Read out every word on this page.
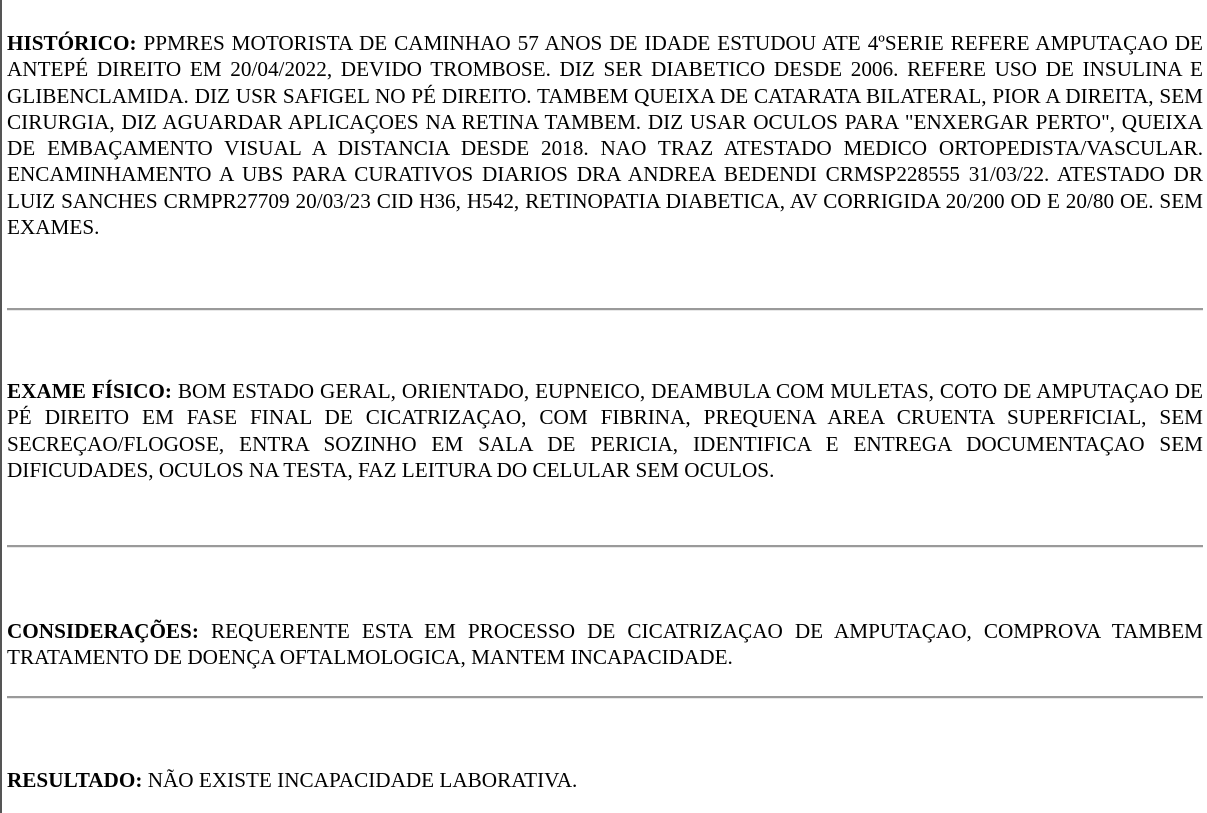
HISTÓRICO: PPMRES MOTORISTA DE CAMINHAO 57 ANOS DE IDADE ESTUDOU ATE 4ºSERIE REFERE AMPUTAÇAO DE ANTEPÉ DIREITO EM 20/04/2022, DEVIDO TROMBOSE. DIZ SER DIABETICO DESDE 2006. REFERE USO DE INSULINA E GLIBENCLAMIDA. DIZ USR SAFIGEL NO PÉ DIREITO. TAMBEM QUEIXA DE CATARATA BILATERAL, PIOR A DIREITA, SEM CIRURGIA, DIZ AGUARDAR APLICAÇOES NA RETINA TAMBEM. DIZ USAR OCULOS PARA "ENXERGAR PERTO", QUEIXA DE EMBAÇAMENTO VISUAL A DISTANCIA DESDE 2018. NAO TRAZ ATESTADO MEDICO ORTOPEDISTA/VASCULAR. ENCAMINHAMENTO A UBS PARA CURATIVOS DIARIOS DRA ANDREA BEDENDI CRMSP228555 31/03/22. ATESTADO DR LUIZ SANCHES CRMPR27709 20/03/23 CID H36, H542, RETINOPATIA DIABETICA, AV CORRIGIDA 20/200 OD E 20/80 OE. SEM EXAMES.

EXAME FÍSICO: BOM ESTADO GERAL, ORIENTADO, EUPNEICO, DEAMBULA COM MULETAS, COTO DE AMPUTAÇAO DE PÉ DIREITO EM FASE FINAL DE CICATRIZAÇAO, COM FIBRINA, PREQUENA AREA CRUENTA SUPERFICIAL, SEM SECREÇAO/FLOGOSE, ENTRA SOZINHO EM SALA DE PERICIA, IDENTIFICA E ENTREGA DOCUMENTAÇAO SEM DIFICUDADES, OCULOS NA TESTA, FAZ LEITURA DO CELULAR SEM OCULOS.

CONSIDERAÇÕES: REQUERENTE ESTA EM PROCESSO DE CICATRIZAÇAO DE AMPUTAÇAO, COMPROVA TAMBEM TRATAMENTO DE DOENÇA OFTALMOLOGICA, MANTEM INCAPACIDADE.

RESULTADO: NÃO EXISTE INCAPACIDADE LABORATIVA.
